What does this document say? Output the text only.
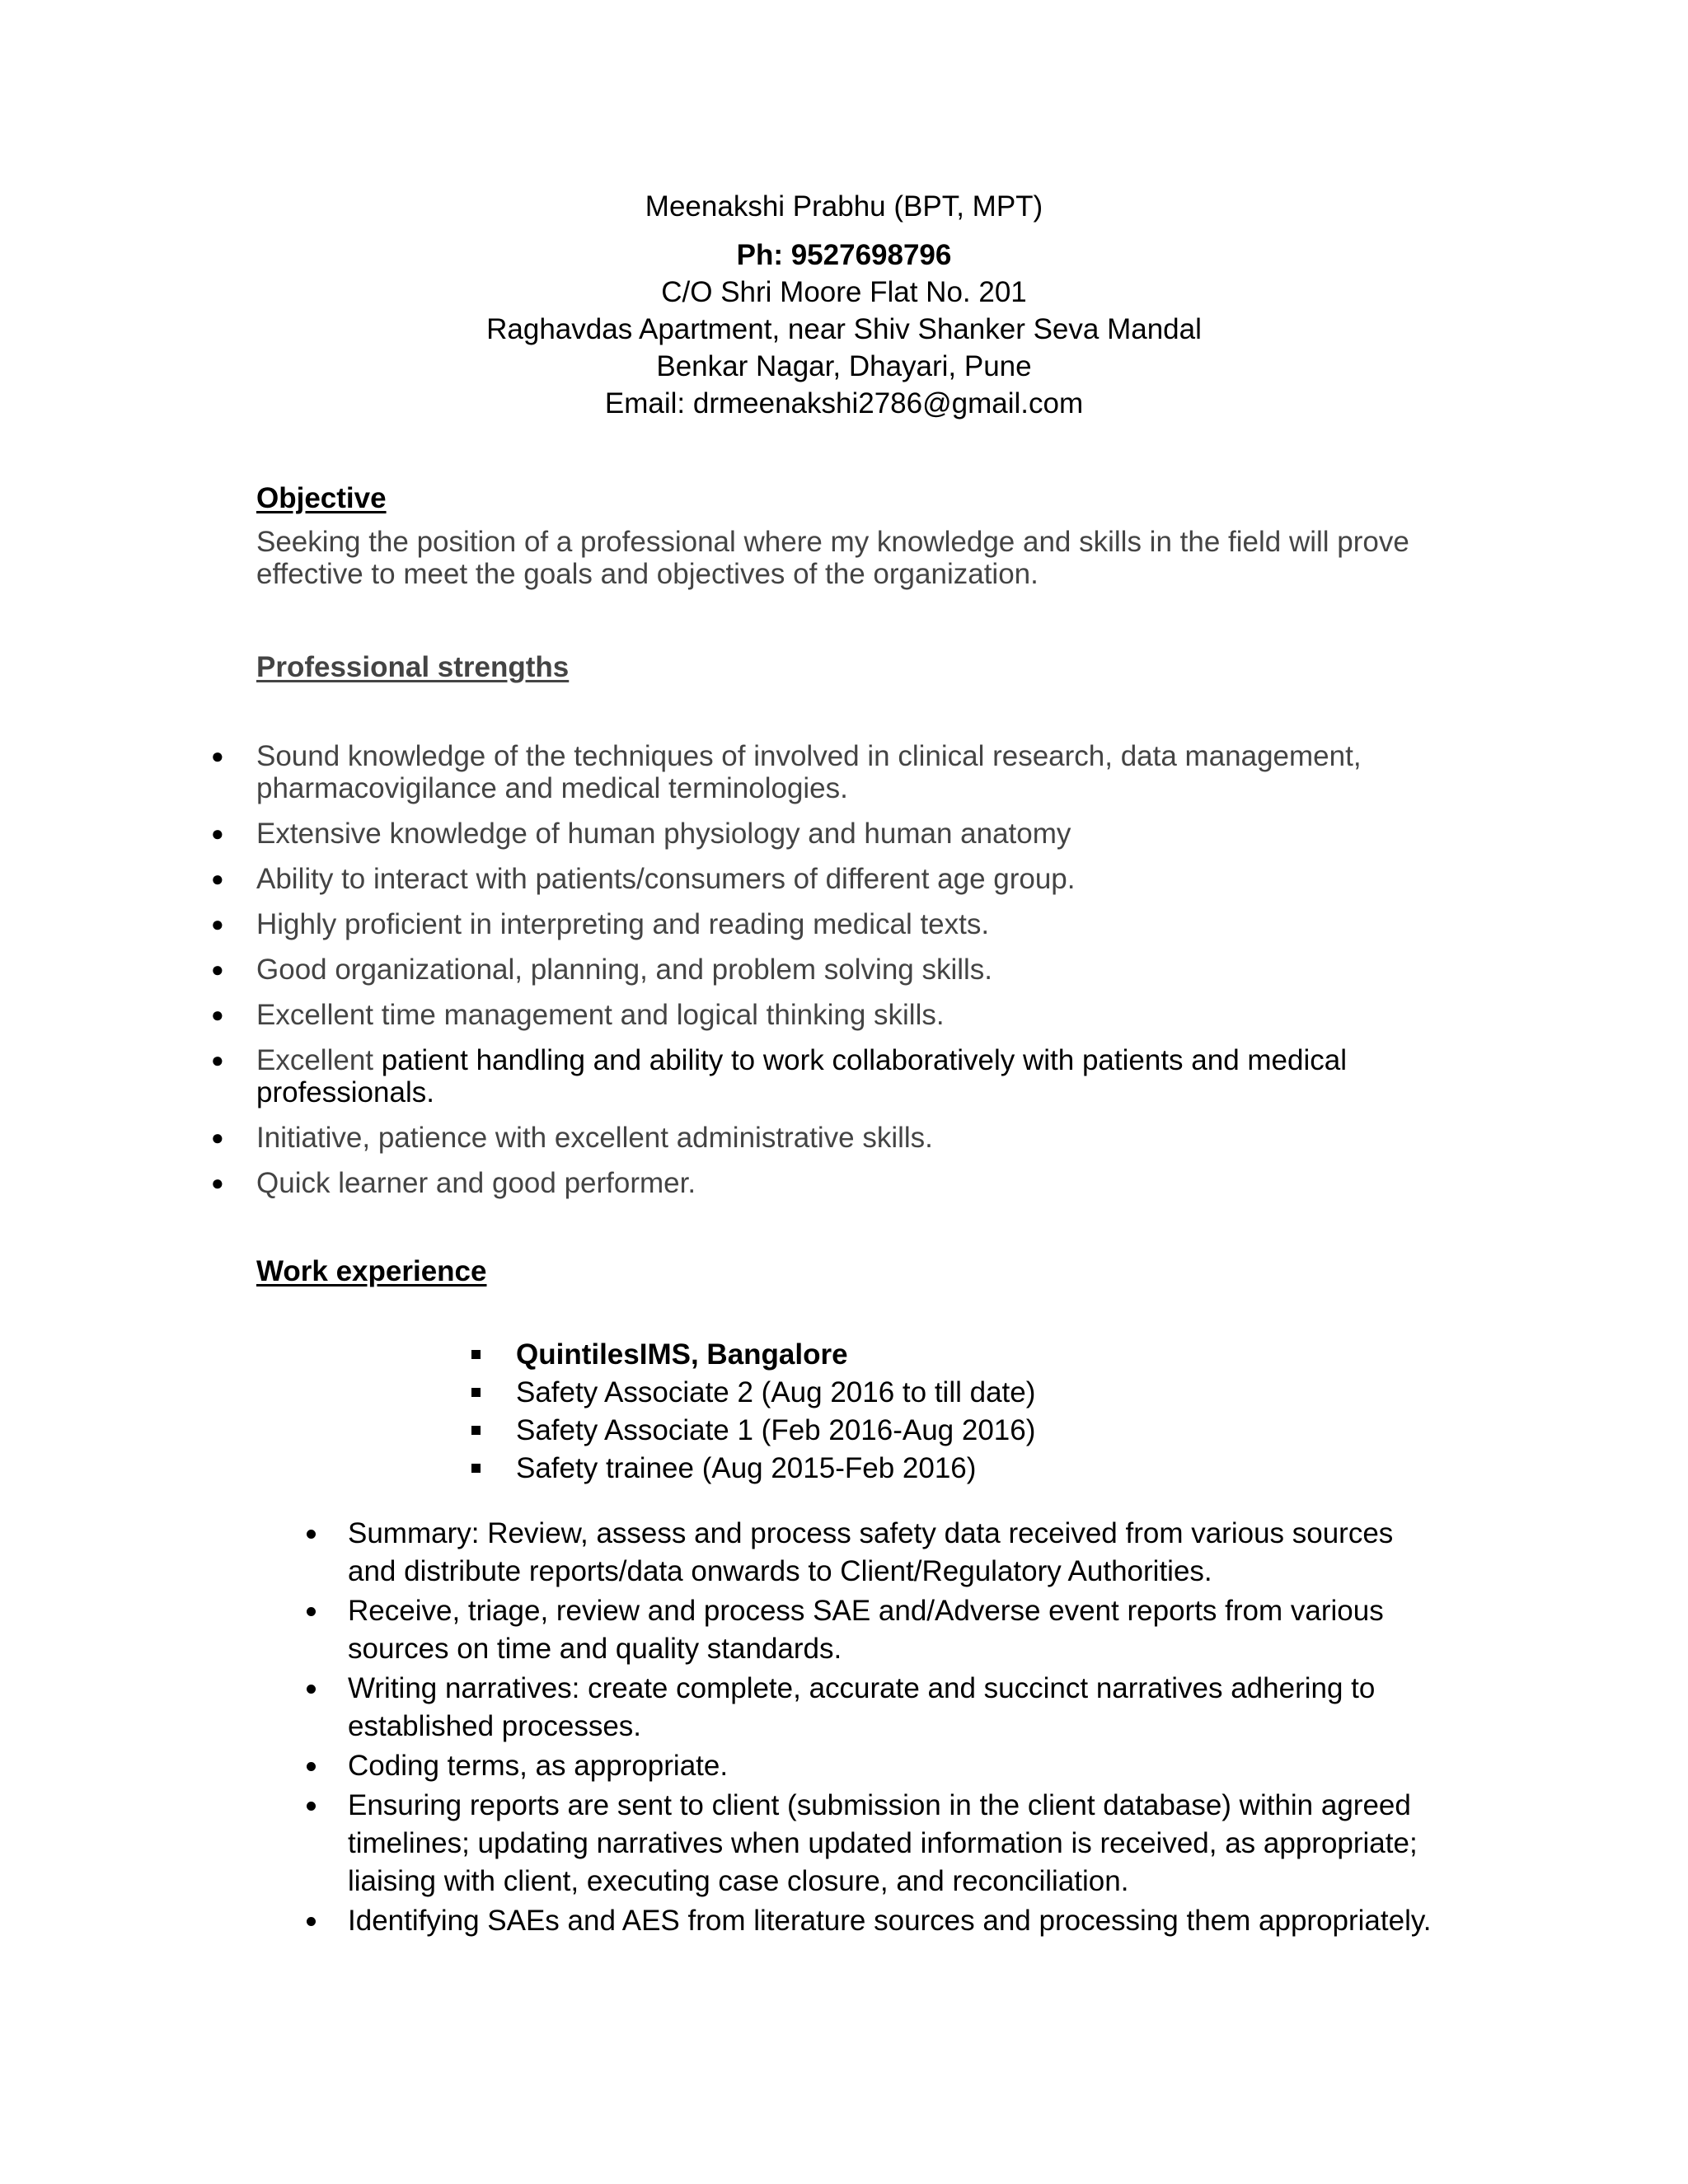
Meenakshi Prabhu (BPT, MPT)
Ph: 9527698796
C/O Shri Moore Flat No. 201
Raghavdas Apartment, near Shiv Shanker Seva Mandal
Benkar Nagar, Dhayari, Pune
Email: drmeenakshi2786@gmail.com
Objective
Seeking the position of a professional where my knowledge and skills in the field will prove effective to meet the goals and objectives of the organization.
Professional strengths
● Sound knowledge of the techniques of involved in clinical research, data management, pharmacovigilance and medical terminologies.
● Extensive knowledge of human physiology and human anatomy
● Ability to interact with patients/consumers of different age group.
● Highly proficient in interpreting and reading medical texts.
● Good organizational, planning, and problem solving skills.
● Excellent time management and logical thinking skills.
● Excellent patient handling and ability to work collaboratively with patients and medical professionals.
● Initiative, patience with excellent administrative skills.
● Quick learner and good performer.
Work experience
QuintilesIMS, Bangalore
Safety Associate 2 (Aug 2016 to till date)
Safety Associate 1 (Feb 2016-Aug 2016)
Safety trainee (Aug 2015-Feb 2016)
Summary: Review, assess and process safety data received from various sources and distribute reports/data onwards to Client/Regulatory Authorities.
Receive, triage, review and process SAE and/Adverse event reports from various sources on time and quality standards.
Writing narratives: create complete, accurate and succinct narratives adhering to established processes.
Coding terms, as appropriate.
Ensuring reports are sent to client (submission in the client database) within agreed timelines; updating narratives when updated information is received, as appropriate; liaising with client, executing case closure, and reconciliation.
Identifying SAEs and AES from literature sources and processing them appropriately.
